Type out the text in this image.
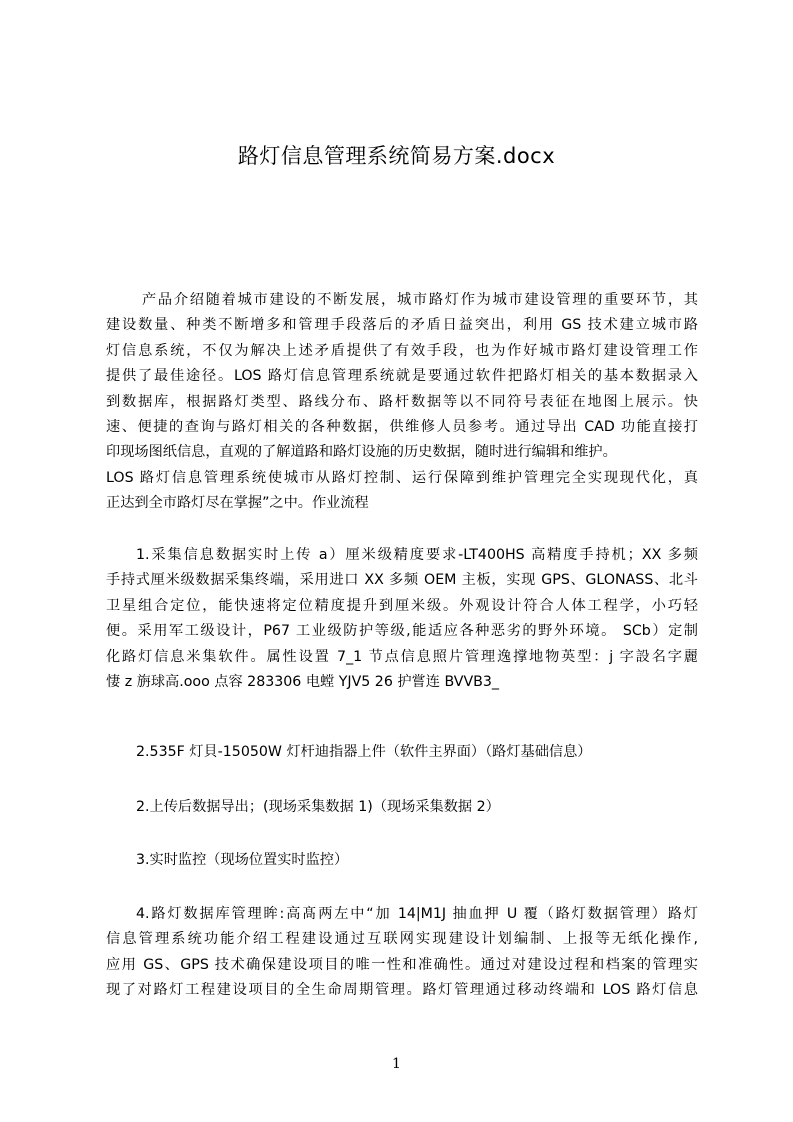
路灯信息管理系统简易方案.docx
产品介绍随着城市建设的不断发展，城市路灯作为城市建设管理的重要环节，其
建设数量、种类不断增多和管理手段落后的矛盾日益突出，利用 GS 技术建立城市路
灯信息系统，不仅为解决上述矛盾提供了有效手段，也为作好城市路灯建设管理工作
提供了最佳途径。LOS 路灯信息管理系统就是要通过软件把路灯相关的基本数据录入
到数据库，根据路灯类型、路线分布、路杆数据等以不同符号表征在地图上展示。快
速、便捷的查询与路灯相关的各种数据，供维修人员参考。通过导出 CAD 功能直接打
印现场图纸信息，直观的了解道路和路灯设施的历史数据，随时进行编辑和维护。
LOS 路灯信息管理系统使城市从路灯控制、运行保障到维护管理完全实现现代化，真
正达到全市路灯尽在掌握”之中。作业流程
1.采集信息数据实时上传 a）厘米级精度要求-LT400HS 高精度手持机；XX 多频
手持式厘米级数据采集终端，采用进口 XX 多频 OEM 主板，实现 GPS、GLONASS、北斗
卫星组合定位，能快速将定位精度提升到厘米级。外观设计符合人体工程学，小巧轻
便。采用军工级设计，P67 工业级防护等级,能适应各种恶劣的野外环境。 SCb）定制
化路灯信息米集软件。属性设置 7_1 节点信息照片管理逸撑地物英型：j 字設名字麗
悽 z 旃球高.ooo 点容 283306 电螳 YJV5 26 护嘗连 BVVB3_
2.535F 灯貝-15050W 灯杆迪指器上件（软件主界面）（路灯基础信息）
2.上传后数据导出；(现场采集数据 1)（现场采集数据 2）
3.实时监控（现场位置实时监控）
4.路灯数据库管理眸:高髙两左中“加 14|M1J 抽血押 U 覆（路灯数据管理）路灯
信息管理系统功能介绍工程建设通过互联网实现建设计划编制、上报等无纸化操作,
应用 GS、GPS 技术确保建设项目的唯一性和准确性。通过对建设过程和档案的管理实
现了对路灯工程建设项目的全生命周期管理。路灯管理通过移动终端和 LOS 路灯信息
1
